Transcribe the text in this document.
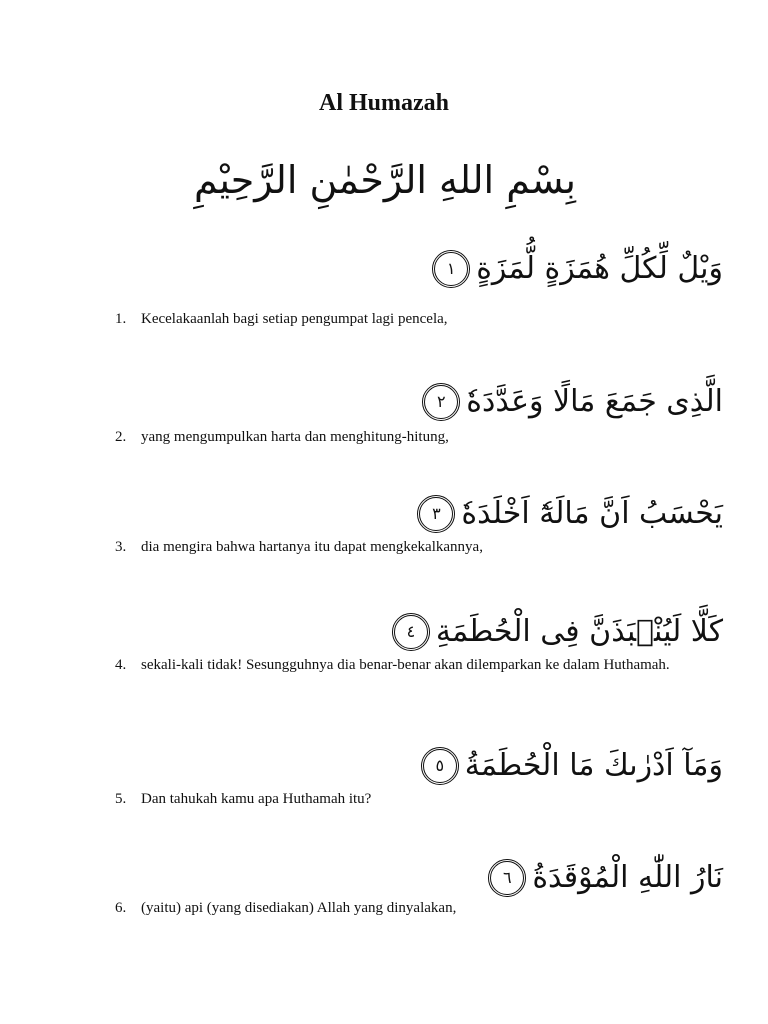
Al Humazah
بِسْمِ اللهِ الرَّحْمٰنِ الرَّحِيْمِ
وَيْلٌ لِّكُلِّ هُمَزَةٍ لُّمَزَةٍ
١
1. Kecelakaanlah bagi setiap pengumpat lagi pencela,
الَّذِى جَمَعَ مَالًا وَعَدَّدَهٗ
٢
2. yang mengumpulkan harta dan menghitung-hitung,
يَحْسَبُ اَنَّ مَالَهٗٓ اَخْلَدَهٗ
٣
3. dia mengira bahwa hartanya itu dapat mengkekalkannya,
كَلَّا لَيُنْۢبَذَنَّ فِى الْحُطَمَةِ
٤
4. sekali-kali tidak! Sesungguhnya dia benar-benar akan dilemparkan ke dalam Huthamah.
وَمَآ اَدْرٰىكَ مَا الْحُطَمَةُ
٥
5. Dan tahukah kamu apa Huthamah itu?
نَارُ اللّٰهِ الْمُوْقَدَةُ
٦
6. (yaitu) api (yang disediakan) Allah yang dinyalakan,
